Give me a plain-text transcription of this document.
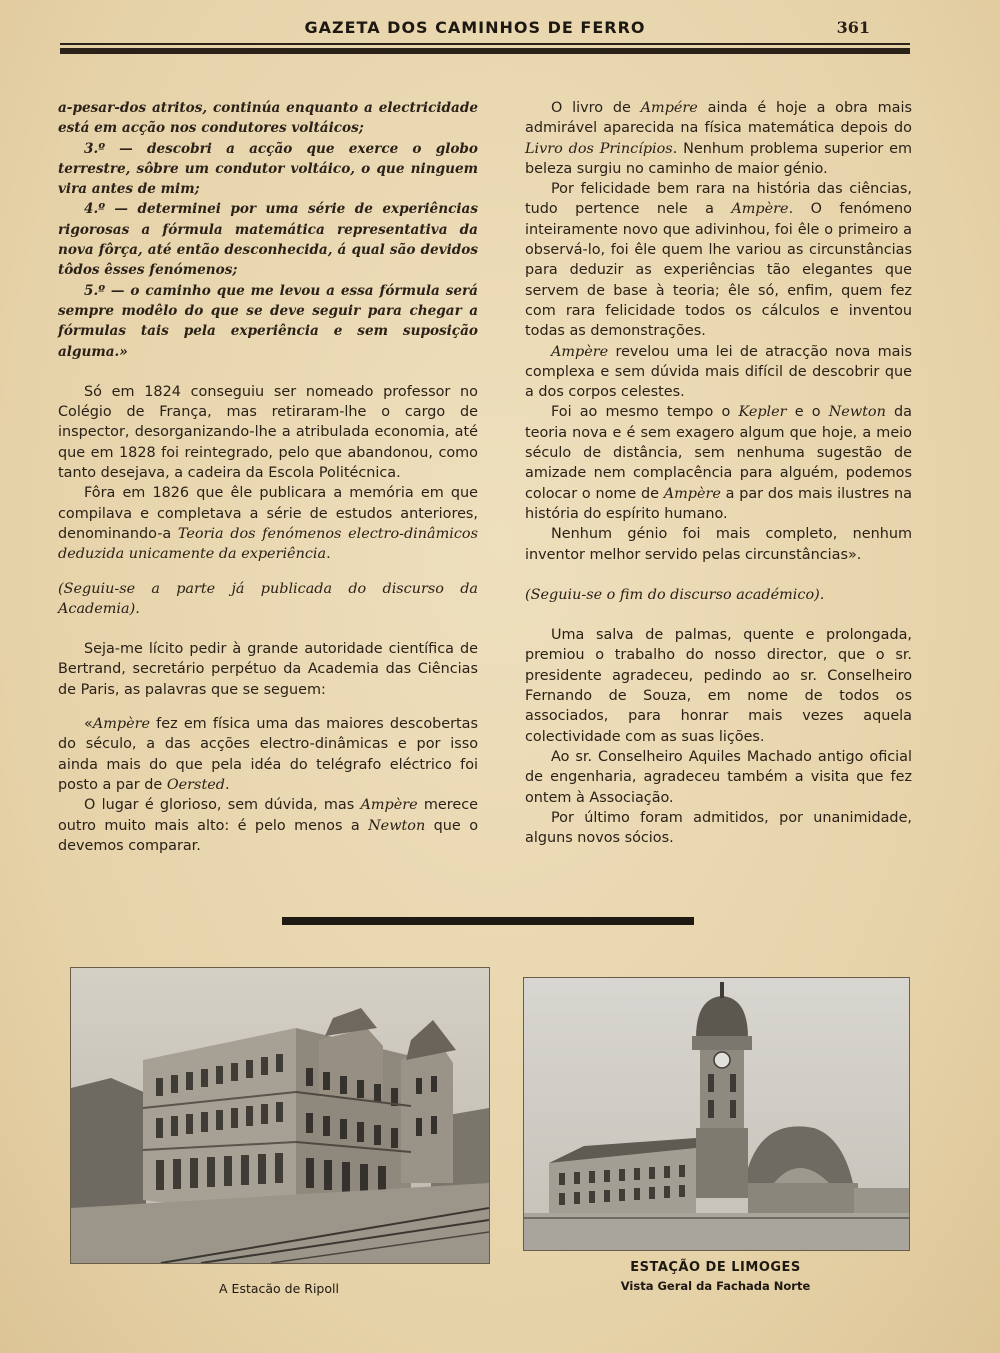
GAZETA DOS CAMINHOS DE FERRO	361

a-pesar-dos atritos, continúa enquanto a electricidade está em acção nos condutores voltáicos;

3.º — descobri a acção que exerce o globo terrestre, sôbre um condutor voltáico, o que ninguem vira antes de mim;

4.º — determinei por uma série de experiências rigorosas a fórmula matemática representativa da nova fôrça, até então desconhecida, á qual são devidos tôdos êsses fenómenos;

5.º — o caminho que me levou a essa fórmula será sempre modêlo do que se deve seguir para chegar a fórmulas tais pela experiência e sem suposição alguma.»

Só em 1824 conseguiu ser nomeado professor no Colégio de França, mas retiraram-lhe o cargo de inspector, desorganizando-lhe a atribulada economia, até que em 1828 foi reintegrado, pelo que abandonou, como tanto desejava, a cadeira da Escola Politécnica.

Fôra em 1826 que êle publicara a memória em que compilava e completava a série de estudos anteriores, denominando-a Teoria dos fenómenos electro-dinâmicos deduzida unicamente da experiência.

(Seguiu-se a parte já publicada do discurso da Academia).

Seja-me lícito pedir à grande autoridade científica de Bertrand, secretário perpétuo da Academia das Ciências de Paris, as palavras que se seguem:

«Ampère fez em física uma das maiores descobertas do século, a das acções electro-dinâmicas e por isso ainda mais do que pela idéa do telégrafo eléctrico foi posto a par de Oersted.

O lugar é glorioso, sem dúvida, mas Ampère merece outro muito mais alto: é pelo menos a Newton que o devemos comparar.

O livro de Ampére ainda é hoje a obra mais admirável aparecida na física matemática depois do Livro dos Princípios. Nenhum problema superior em beleza surgiu no caminho de maior génio.

Por felicidade bem rara na história das ciências, tudo pertence nele a Ampère. O fenómeno inteiramente novo que adivinhou, foi êle o primeiro a observá-lo, foi êle quem lhe variou as circunstâncias para deduzir as experiências tão elegantes que servem de base à teoria; êle só, enfim, quem fez com rara felicidade todos os cálculos e inventou todas as demonstrações.

Ampère revelou uma lei de atracção nova mais complexa e sem dúvida mais difícil de descobrir que a dos corpos celestes.

Foi ao mesmo tempo o Kepler e o Newton da teoria nova e é sem exagero algum que hoje, a meio século de distância, sem nenhuma sugestão de amizade nem complacência para alguém, podemos colocar o nome de Ampère a par dos mais ilustres na história do espírito humano.

Nenhum génio foi mais completo, nenhum inventor melhor servido pelas circunstâncias».

(Seguiu-se o fim do discurso académico).

Uma salva de palmas, quente e prolongada, premiou o trabalho do nosso director, que o sr. presidente agradeceu, pedindo ao sr. Conselheiro Fernando de Souza, em nome de todos os associados, para honrar mais vezes aquela colectividade com as suas lições.

Ao sr. Conselheiro Aquiles Machado antigo oficial de engenharia, agradeceu também a visita que fez ontem à Associação.

Por último foram admitidos, por unanimidade, alguns novos sócios.

A Estacão de Ripoll
ESTAÇÃO DE LIMOGES
Vista Geral da Fachada Norte
